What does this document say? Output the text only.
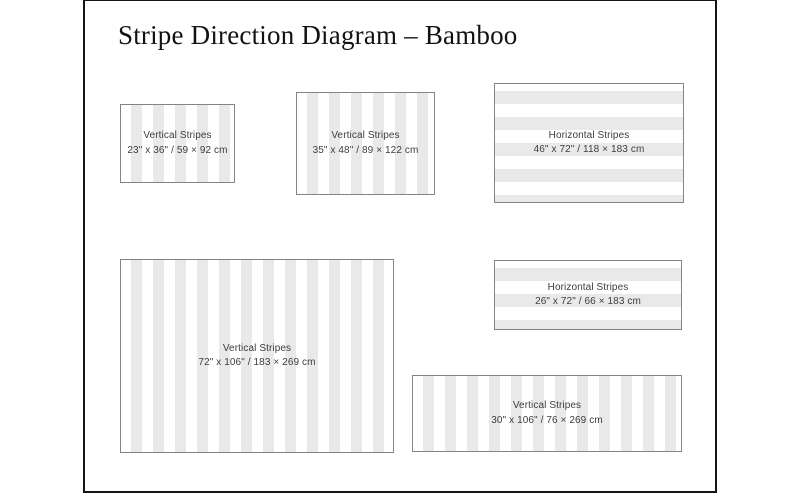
Stripe Direction Diagram – Bamboo
Vertical Stripes
23" x 36" / 59 × 92 cm
Vertical Stripes
35" x 48" / 89 × 122 cm
Horizontal Stripes
46" x 72" / 118 × 183 cm
Vertical Stripes
72" x 106" / 183 × 269 cm
Horizontal Stripes
26" x 72" / 66 × 183 cm
Vertical Stripes
30" x 106" / 76 × 269 cm
